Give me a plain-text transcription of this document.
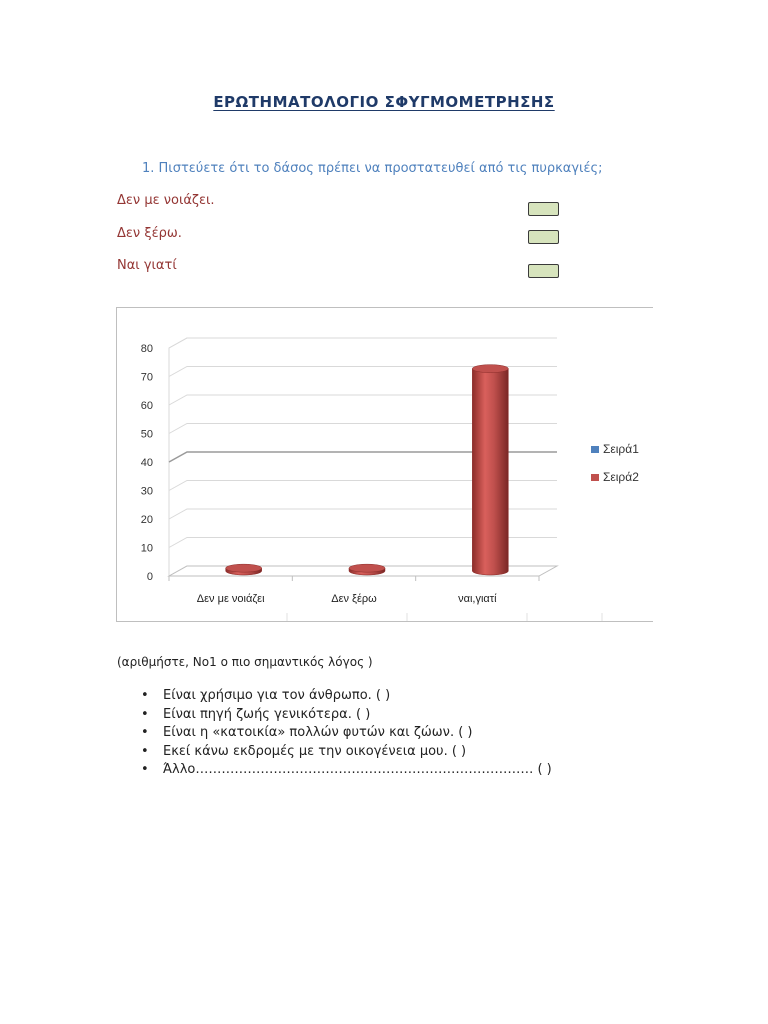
ΕΡΩΤΗΜΑΤΟΛΟΓΙΟ ΣΦΥΓΜΟΜΕΤΡΗΣΗΣ
1. Πιστεύετε ότι το δάσος πρέπει να προστατευθεί από τις πυρκαγιές;
Δεν με νοιάζει.
Δεν ξέρω.
Ναι γιατί
0
10
20
30
40
50
60
70
80
Δεν με νοιάζει	Δεν ξέρω	ναι,γιατί
Σειρά1
Σειρά2
(αριθμήστε, Νο1 ο πιο σημαντικός λόγος )
• Είναι χρήσιμο για τον άνθρωπο. ( )
• Είναι πηγή ζωής γενικότερα. ( )
• Είναι η «κατοικία» πολλών φυτών και ζώων. ( )
• Εκεί κάνω εκδρομές με την οικογένεια μου. ( )
• Άλλο…………………………………………………………………… ( )
